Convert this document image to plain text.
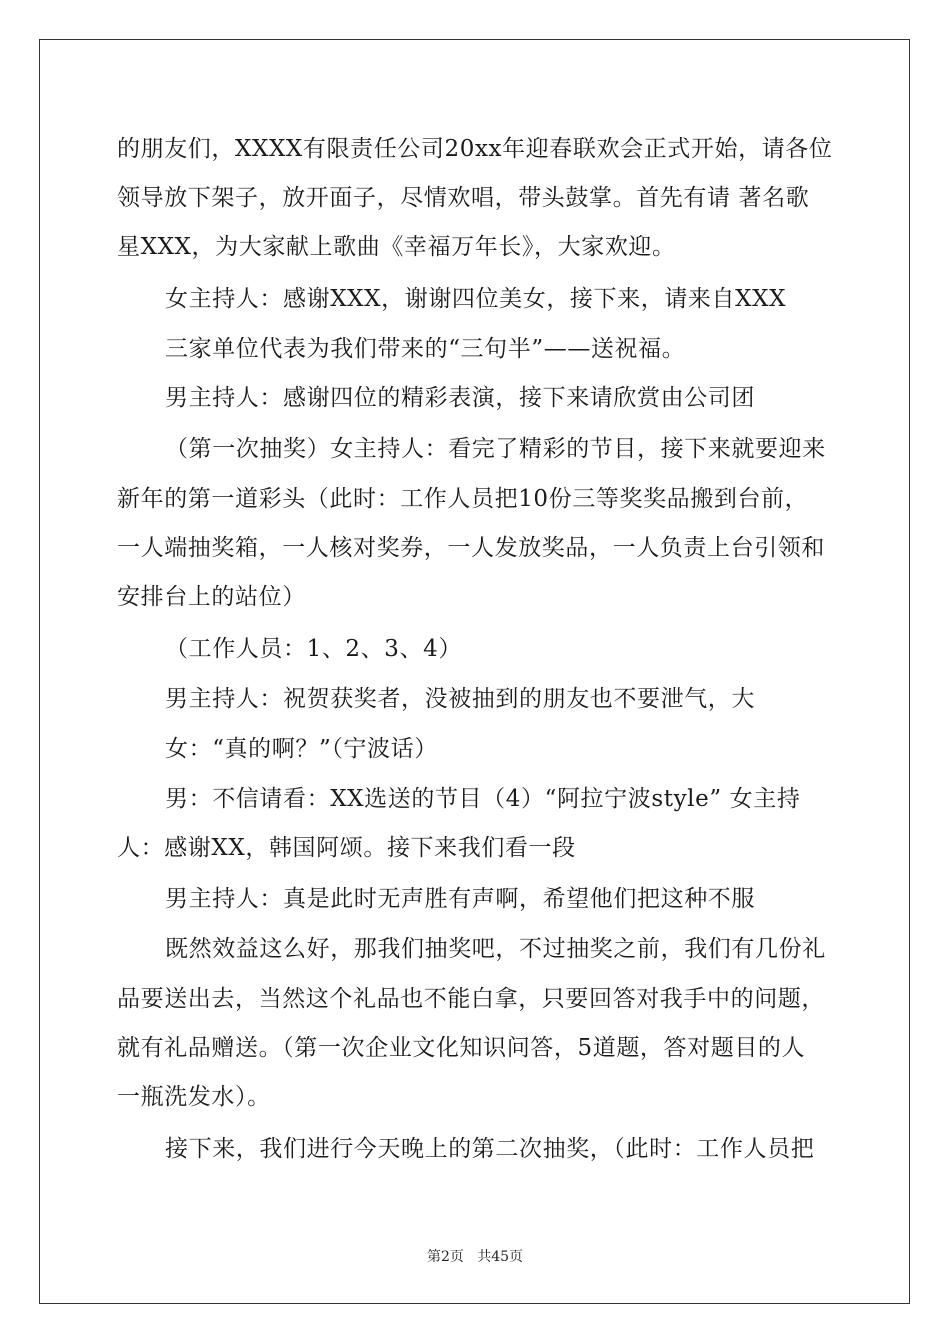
的朋友们，XXXX有限责任公司20xx年迎春联欢会正式开始，请各位
领导放下架子，放开面子，尽情欢唱，带头鼓掌。首先有请 著名歌
星XXX，为大家献上歌曲《幸福万年长》，大家欢迎。
女主持人：感谢XXX，谢谢四位美女，接下来，请来自XXX
三家单位代表为我们带来的“三句半”——送祝福。
男主持人：感谢四位的精彩表演，接下来请欣赏由公司团
（第一次抽奖）女主持人：看完了精彩的节目，接下来就要迎来
新年的第一道彩头（此时：工作人员把10份三等奖奖品搬到台前，
一人端抽奖箱，一人核对奖券，一人发放奖品，一人负责上台引领和
安排台上的站位）
（工作人员：1、2、3、4）
男主持人：祝贺获奖者，没被抽到的朋友也不要泄气，大
女：“真的啊？”（宁波话）
男：不信请看：XX选送的节目（4）“阿拉宁波style” 女主持
人：感谢XX，韩国阿颂。接下来我们看一段
男主持人：真是此时无声胜有声啊，希望他们把这种不服
既然效益这么好，那我们抽奖吧，不过抽奖之前，我们有几份礼
品要送出去，当然这个礼品也不能白拿，只要回答对我手中的问题，
就有礼品赠送。（第一次企业文化知识问答，5道题，答对题目的人
一瓶洗发水）。
接下来，我们进行今天晚上的第二次抽奖，（此时：工作人员把
第2页 共45页
